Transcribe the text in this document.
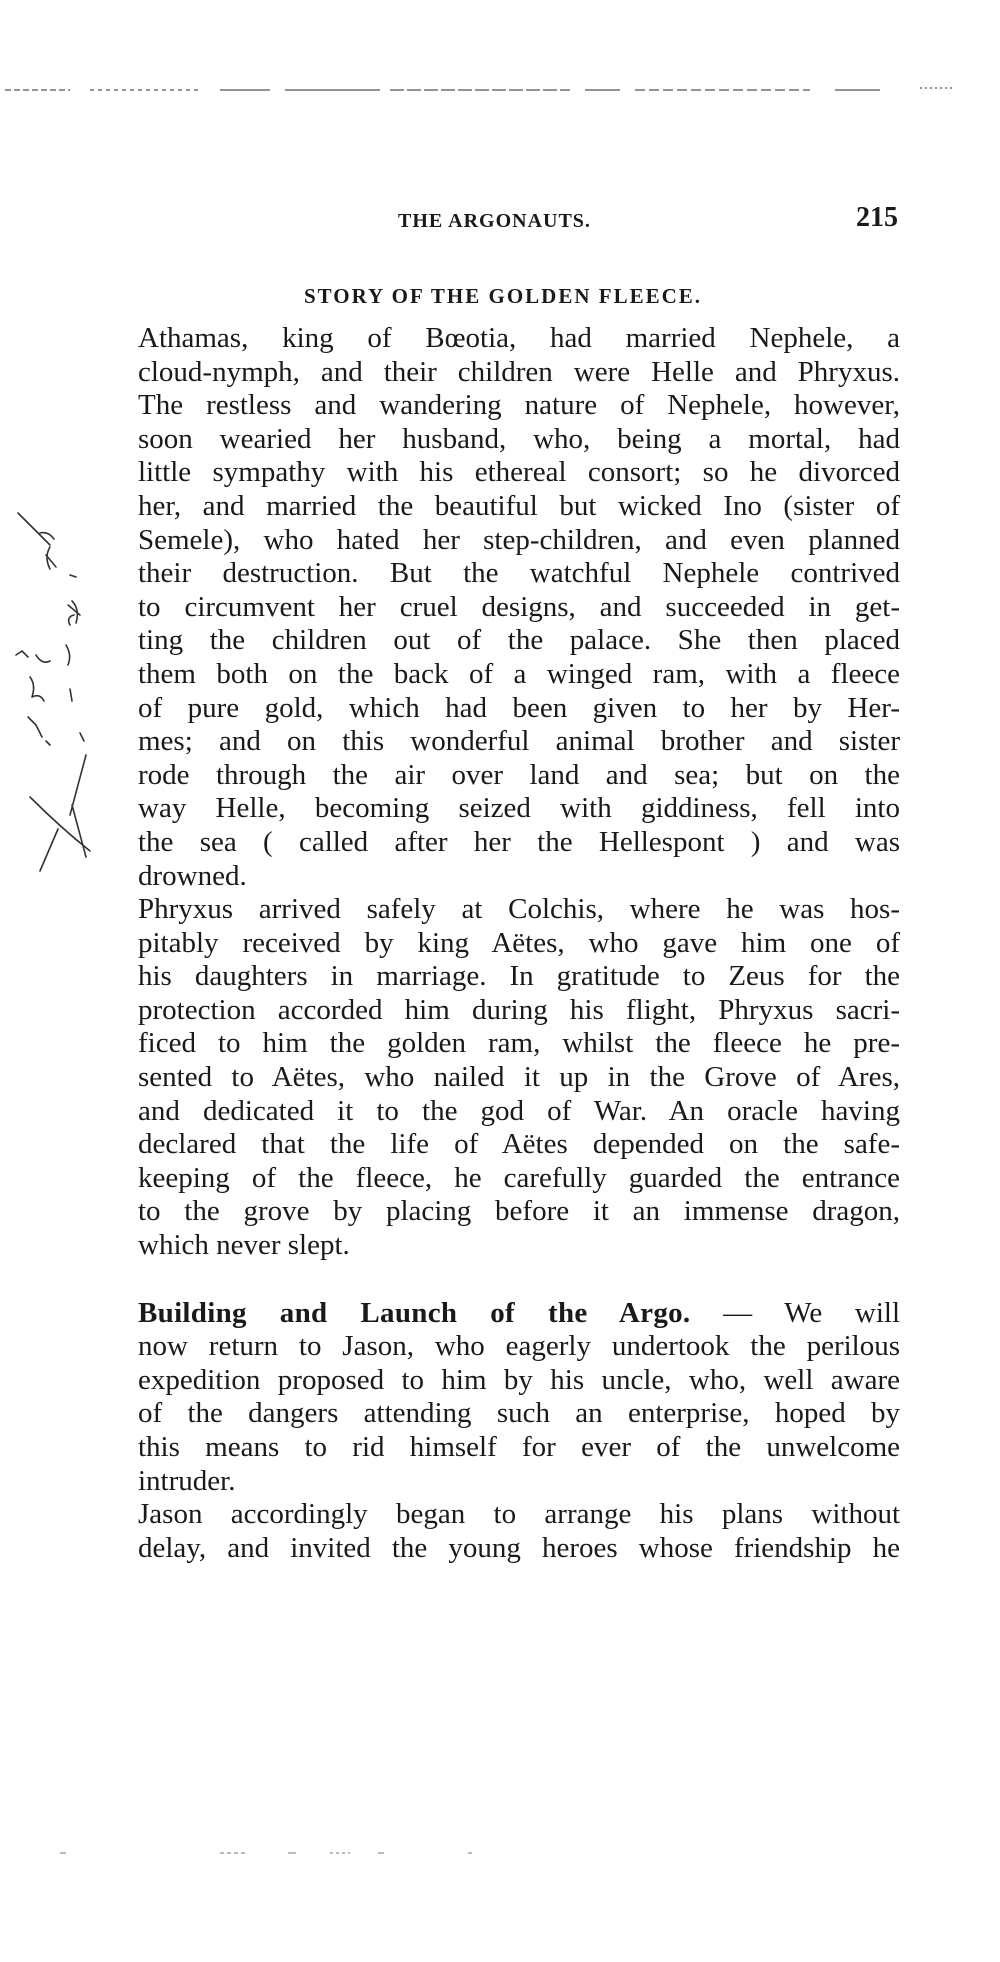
THE ARGONAUTS.	215
STORY OF THE GOLDEN FLEECE.

Athamas, king of Bœotia, had married Nephele, a
cloud-nymph, and their children were Helle and Phryxus.
The restless and wandering nature of Nephele, however,
soon wearied her husband, who, being a mortal, had
little sympathy with his ethereal consort; so he divorced
her, and married the beautiful but wicked Ino (sister of
Semele), who hated her step-children, and even planned
their destruction. But the watchful Nephele contrived
to circumvent her cruel designs, and succeeded in get-
ting the children out of the palace. She then placed
them both on the back of a winged ram, with a fleece
of pure gold, which had been given to her by Her-
mes; and on this wonderful animal brother and sister
rode through the air over land and sea; but on the
way Helle, becoming seized with giddiness, fell into
the sea ( called after her the Hellespont ) and was
drowned.

Phryxus arrived safely at Colchis, where he was hos-
pitably received by king Aëtes, who gave him one of
his daughters in marriage. In gratitude to Zeus for the
protection accorded him during his flight, Phryxus sacri-
ficed to him the golden ram, whilst the fleece he pre-
sented to Aëtes, who nailed it up in the Grove of Ares,
and dedicated it to the god of War. An oracle having
declared that the life of Aëtes depended on the safe-
keeping of the fleece, he carefully guarded the entrance
to the grove by placing before it an immense dragon,
which never slept.

Building and Launch of the Argo. — We will
now return to Jason, who eagerly undertook the perilous
expedition proposed to him by his uncle, who, well aware
of the dangers attending such an enterprise, hoped by
this means to rid himself for ever of the unwelcome
intruder.

Jason accordingly began to arrange his plans without
delay, and invited the young heroes whose friendship he
